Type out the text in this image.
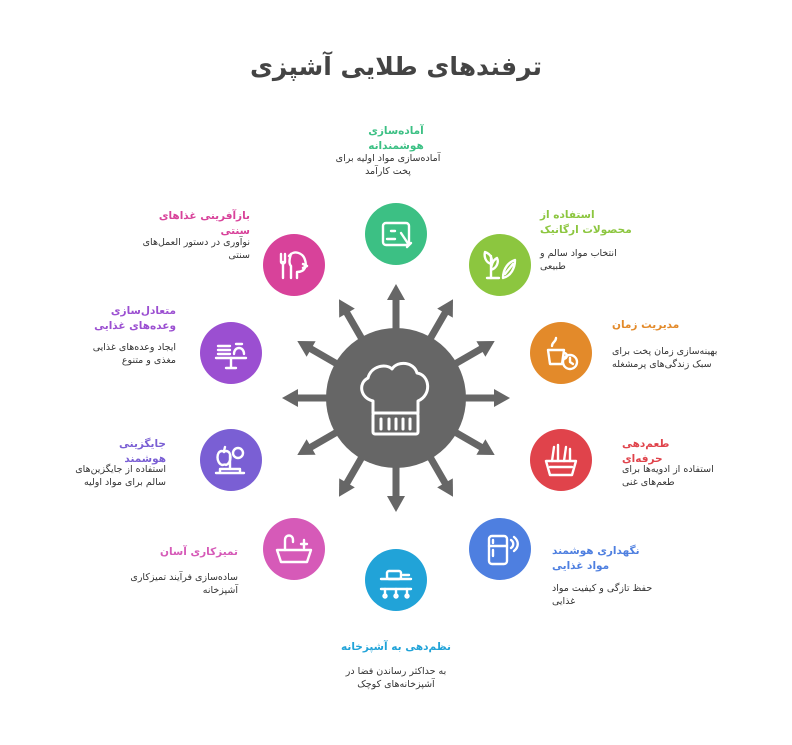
ترفندهای طلایی آشپزی
آماده‌سازی هوشمندانه
آماده‌سازی مواد اولیه برای پخت کارآمد
استفاده از محصولات ارگانیک
انتخاب مواد سالم و طبیعی
مدیریت زمان
بهینه‌سازی زمان پخت برای سبک زندگی‌های پرمشغله
طعم‌دهی حرفه‌ای
استفاده از ادویه‌ها برای طعم‌های غنی
نگهداری هوشمند مواد غذایی
حفظ تازگی و کیفیت مواد غذایی
نظم‌دهی به آشپزخانه
به حداکثر رساندن فضا در آشپزخانه‌های کوچک
تمیزکاری آسان
ساده‌سازی فرآیند تمیزکاری آشپزخانه
جایگزینی هوشمند
استفاده از جایگزین‌های سالم برای مواد اولیه
متعادل‌سازی وعده‌های غذایی
ایجاد وعده‌های غذایی مغذی و متنوع
بازآفرینی غذاهای سنتی
نوآوری در دستور العمل‌های سنتی
